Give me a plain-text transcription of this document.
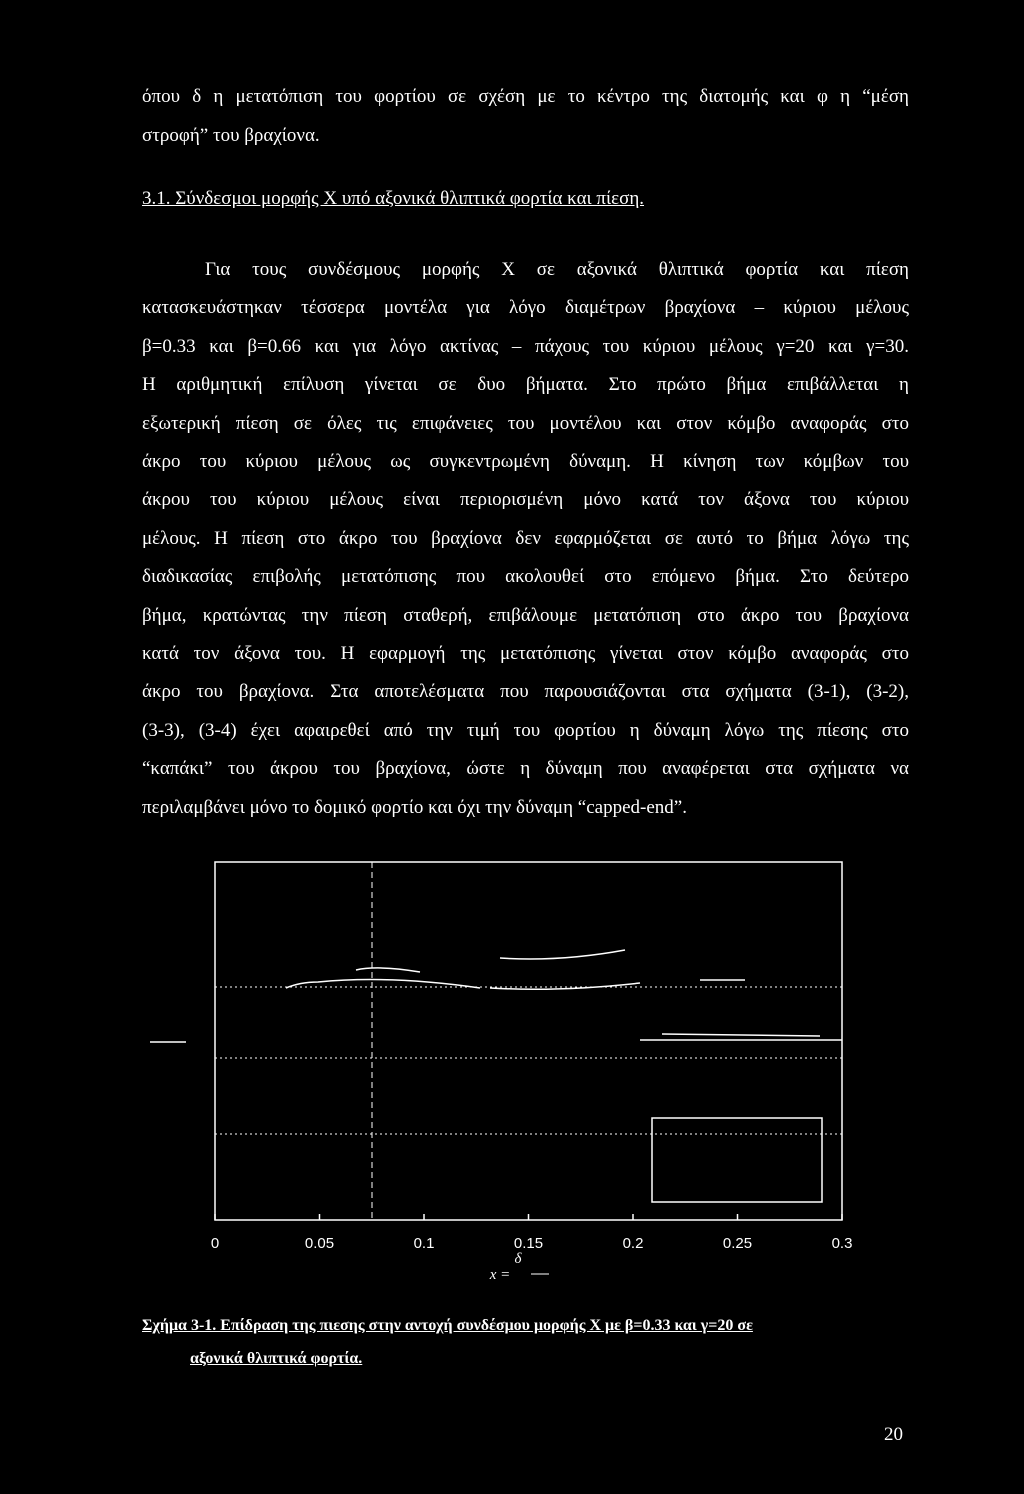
όπου δ η μετατόπιση του φορτίου σε σχέση με το κέντρο της διατομής και φ η “μέση
στροφή” του βραχίονα.
3.1. Σύνδεσμοι μορφής Χ υπό αξονικά θλιπτικά φορτία και πίεση.
Για τους συνδέσμους μορφής Χ σε αξονικά θλιπτικά φορτία και πίεση
κατασκευάστηκαν τέσσερα μοντέλα για λόγο διαμέτρων βραχίονα – κύριου μέλους
β=0.33 και β=0.66 και για λόγο ακτίνας – πάχους του κύριου μέλους γ=20 και γ=30.
Η αριθμητική επίλυση γίνεται σε δυο βήματα. Στο πρώτο βήμα επιβάλλεται η
εξωτερική πίεση σε όλες τις επιφάνειες του μοντέλου και στον κόμβο αναφοράς στο
άκρο του κύριου μέλους ως συγκεντρωμένη δύναμη. Η κίνηση των κόμβων του
άκρου του κύριου μέλους είναι περιορισμένη μόνο κατά τον άξονα του κύριου
μέλους. Η πίεση στο άκρο του βραχίονα δεν εφαρμόζεται σε αυτό το βήμα λόγω της
διαδικασίας επιβολής μετατόπισης που ακολουθεί στο επόμενο βήμα. Στο δεύτερο
βήμα, κρατώντας την πίεση σταθερή, επιβάλουμε μετατόπιση στο άκρο του βραχίονα
κατά τον άξονα του. Η εφαρμογή της μετατόπισης γίνεται στον κόμβο αναφοράς στο
άκρο του βραχίονα. Στα αποτελέσματα που παρουσιάζονται στα σχήματα (3-1), (3-2),
(3-3), (3-4) έχει αφαιρεθεί από την τιμή του φορτίου η δύναμη λόγω της πίεσης στο
“καπάκι” του άκρου του βραχίονα, ώστε η δύναμη που αναφέρεται στα σχήματα να
περιλαμβάνει μόνο το δομικό φορτίο και όχι την δύναμη “capped-end”.
0	0.05	0.1	0.15	0.2	0.25	0.3
δ
x =
Σχήμα 3-1. Επίδραση της πιεσης στην αντοχή συνδέσμου μορφής Χ με β=0.33 και γ=20 σε
αξονικά θλιπτικά φορτία.
20
